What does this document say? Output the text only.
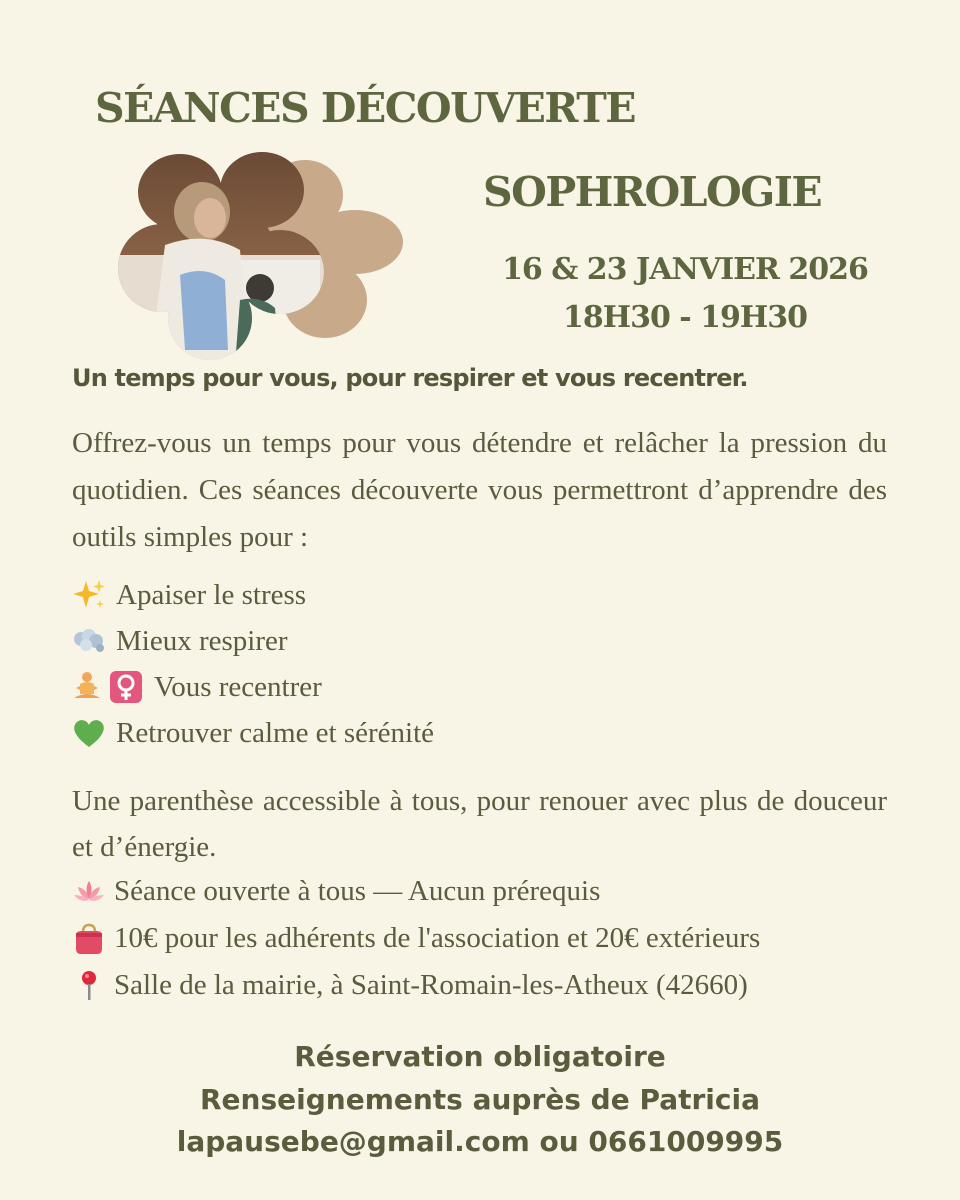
SÉANCES DÉCOUVERTE
SOPHROLOGIE
16 & 23 JANVIER 2026
18H30 - 19H30
Un temps pour vous, pour respirer et vous recentrer.
Offrez-vous un temps pour vous détendre et relâcher la pression du quotidien. Ces séances découverte vous permettront d’apprendre des outils simples pour :
Apaiser le stress
Mieux respirer
Vous recentrer
Retrouver calme et sérénité
Une parenthèse accessible à tous, pour renouer avec plus de douceur et d’énergie.
Séance ouverte à tous — Aucun prérequis
10€ pour les adhérents de l'association et 20€ extérieurs
Salle de la mairie, à Saint-Romain-les-Atheux (42660)
Réservation obligatoire
Renseignements auprès de Patricia
lapausebe@gmail.com ou 0661009995
